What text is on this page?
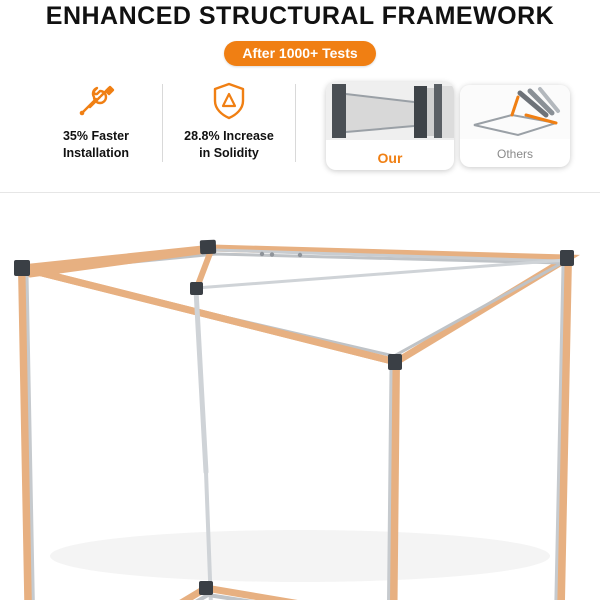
ENHANCED STRUCTURAL FRAMEWORK
After 1000+ Tests
35% Faster
Installation
28.8% Increase
in Solidity	Our	Others
